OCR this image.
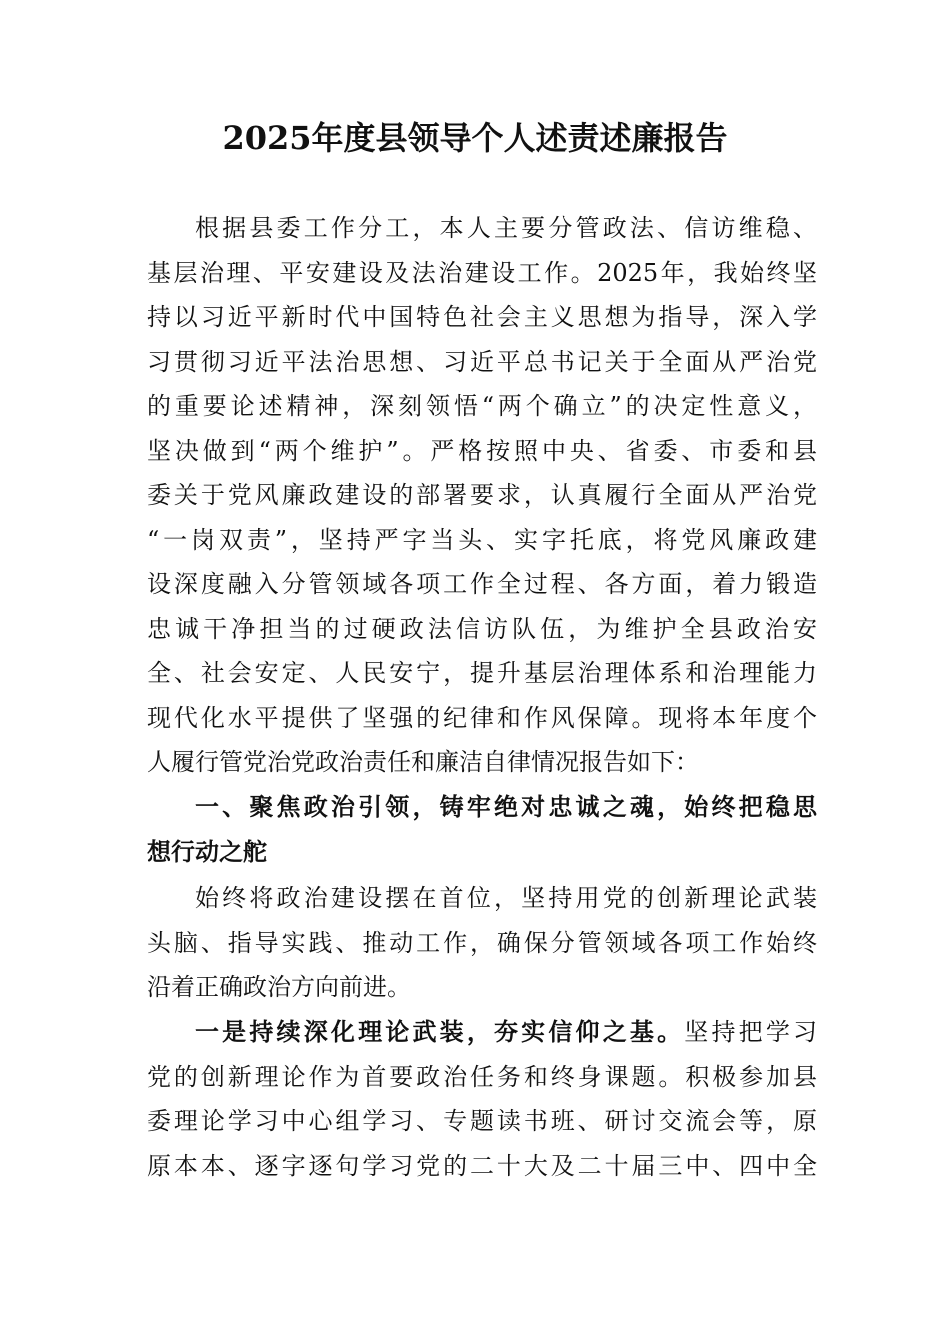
2025年度县领导个人述责述廉报告
根据县委工作分工，本人主要分管政法、信访维稳、
基层治理、平安建设及法治建设工作。2025年，我始终坚
持以习近平新时代中国特色社会主义思想为指导，深入学
习贯彻习近平法治思想、习近平总书记关于全面从严治党
的重要论述精神，深刻领悟“两个确立”的决定性意义，
坚决做到“两个维护”。严格按照中央、省委、市委和县
委关于党风廉政建设的部署要求，认真履行全面从严治党
“一岗双责”，坚持严字当头、实字托底，将党风廉政建
设深度融入分管领域各项工作全过程、各方面，着力锻造
忠诚干净担当的过硬政法信访队伍，为维护全县政治安
全、社会安定、人民安宁，提升基层治理体系和治理能力
现代化水平提供了坚强的纪律和作风保障。现将本年度个
人履行管党治党政治责任和廉洁自律情况报告如下：
一、聚焦政治引领，铸牢绝对忠诚之魂，始终把稳思
想行动之舵
始终将政治建设摆在首位，坚持用党的创新理论武装
头脑、指导实践、推动工作，确保分管领域各项工作始终
沿着正确政治方向前进。
一是持续深化理论武装，夯实信仰之基。坚持把学习
党的创新理论作为首要政治任务和终身课题。积极参加县
委理论学习中心组学习、专题读书班、研讨交流会等，原
原本本、逐字逐句学习党的二十大及二十届三中、四中全
